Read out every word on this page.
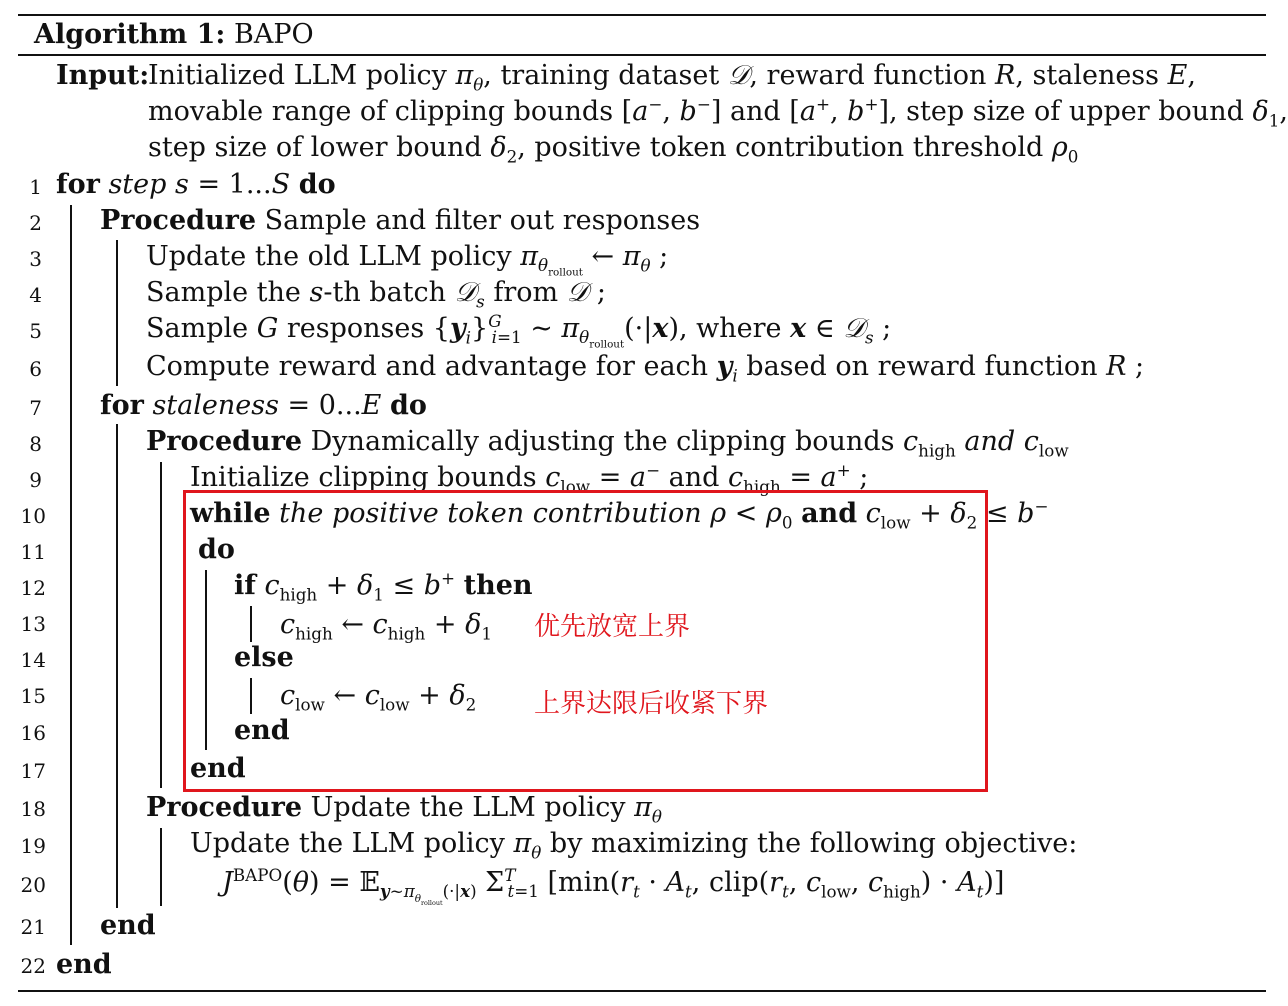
Algorithm 1: BAPO
Input:
Initialized LLM policy $\pi_\theta$, training dataset 𝒟, reward function R, staleness E,
movable range of clipping bounds [a−, b−] and [a+, b+], step size of upper bound $\delta_1$,
step size of lower bound $\delta_2$, positive token contribution threshold $\rho_0$
1
2
3
4
5
6
7
8
9
10
11
12
13
14
15
16
17
18
19
20
21
22
for step s = 1...S do
Procedure Sample and filter out responses
Update the old LLM policy $\pi_{\theta_{rollout}}$ ← $\pi_\theta$ ;
Sample the s-th batch 𝒟$_s$ from 𝒟 ;
Sample G responses $\{y_i\}^G_{i=1}$ ~ $\pi_{\theta_{rollout}}(\cdot|x)$, where x ∈ 𝒟$_s$ ;
Compute reward and advantage for each $y_i$ based on reward function R ;
for staleness = 0...E do
Procedure Dynamically adjusting the clipping bounds $c_{high}$ and $c_{low}$
Initialize clipping bounds $c_{low} = a^-$ and $c_{high} = a^+$ ;
while the positive token contribution $\rho < \rho_0$ and $c_{low} + \delta_2 \le b^-$
do
if $c_{high} + \delta_1 \le b^+$ then
$c_{high}$ ← $c_{high} + \delta_1$
else
$c_{low}$ ← $c_{low} + \delta_2$
end
end
Procedure Update the LLM policy $\pi_\theta$
Update the LLM policy $\pi_\theta$ by maximizing the following objective:
$J^{BAPO}(\theta)$ = 𝔼$_{y\sim\pi_{\theta_{rollout}}(\cdot|x)}$ $\Sigma^T_{t=1}$ [$\min(r_t \cdot A_t$, $clip(r_t$, $c_{low}$, $c_{high}) \cdot A_t$)]
end
end
优先放宽上界
上界达限后收紧下界
